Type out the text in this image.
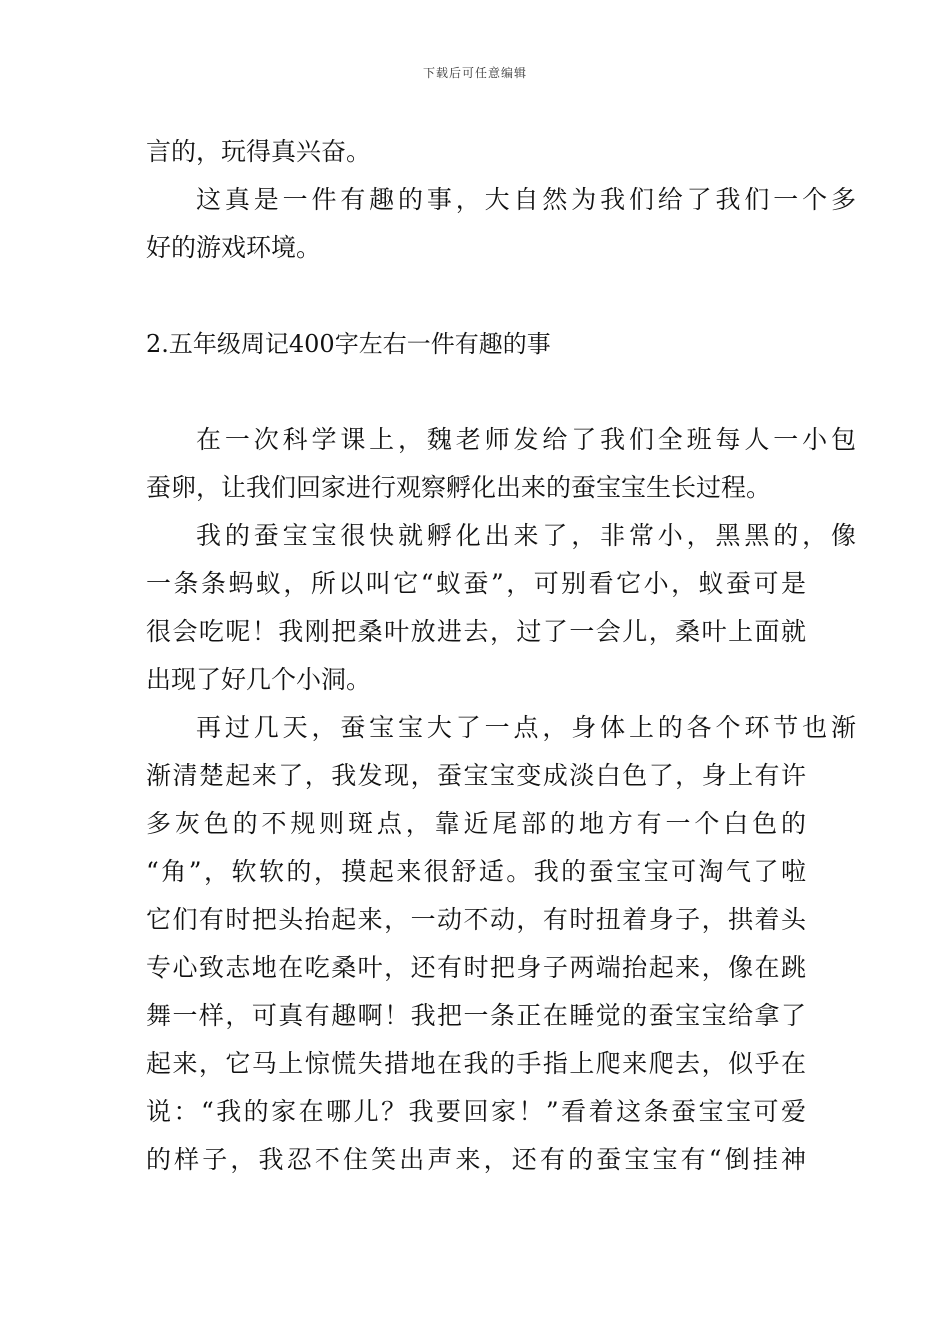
下载后可任意编辑
言的，玩得真兴奋。
这真是一件有趣的事，大自然为我们给了我们一个多
好的游戏环境。
2.五年级周记400字左右一件有趣的事
在一次科学课上，魏老师发给了我们全班每人一小包
蚕卵，让我们回家进行观察孵化出来的蚕宝宝生长过程。
我的蚕宝宝很快就孵化出来了，非常小，黑黑的，像
一条条蚂蚁，所以叫它“蚁蚕”，可别看它小，蚁蚕可是
很会吃呢！我刚把桑叶放进去，过了一会儿，桑叶上面就
出现了好几个小洞。
再过几天，蚕宝宝大了一点，身体上的各个环节也渐
渐清楚起来了，我发现，蚕宝宝变成淡白色了，身上有许
多灰色的不规则斑点，靠近尾部的地方有一个白色的
“角”，软软的，摸起来很舒适。我的蚕宝宝可淘气了啦
它们有时把头抬起来，一动不动，有时扭着身子，拱着头
专心致志地在吃桑叶，还有时把身子两端抬起来，像在跳
舞一样，可真有趣啊！我把一条正在睡觉的蚕宝宝给拿了
起来，它马上惊慌失措地在我的手指上爬来爬去，似乎在
说：“我的家在哪儿？我要回家！”看着这条蚕宝宝可爱
的样子，我忍不住笑出声来，还有的蚕宝宝有“倒挂神
